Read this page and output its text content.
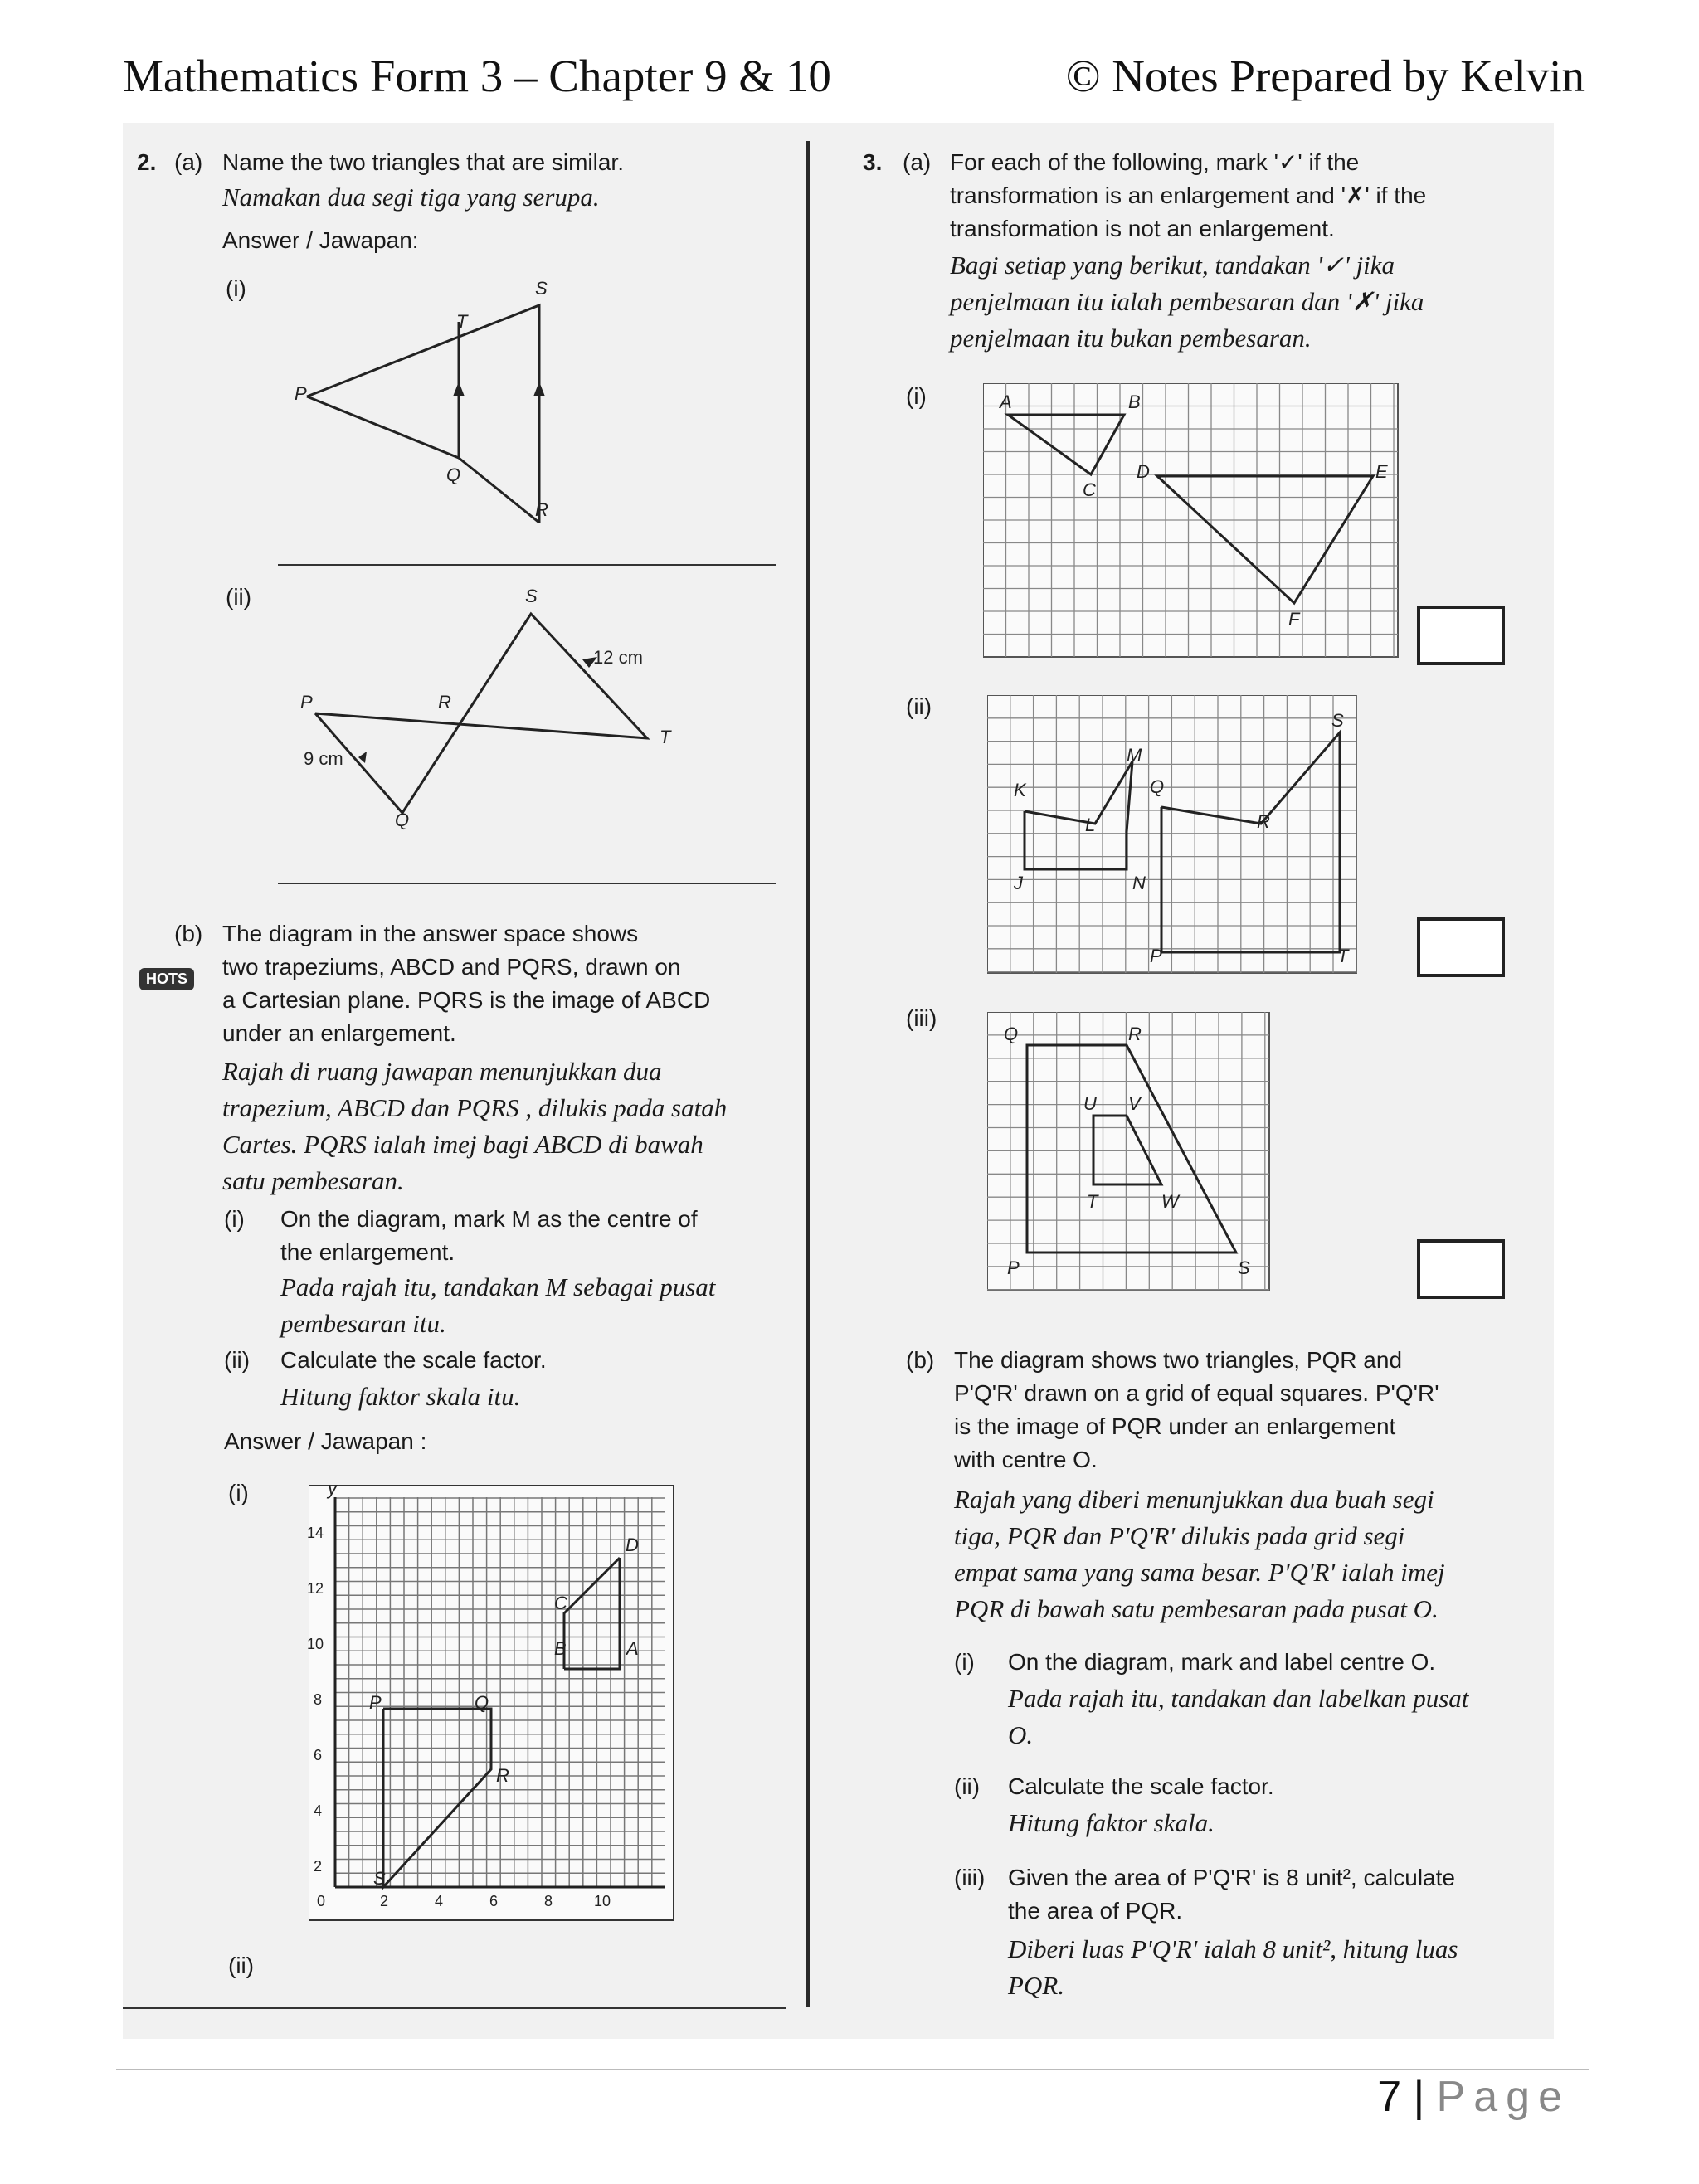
Mathematics Form 3 – Chapter 9 & 10	© Notes Prepared by Kelvin
2. (a) Name the two triangles that are similar.
Namakan dua segi tiga yang serupa.
Answer / Jawapan:
(i)	S
T
P
Q
R
(ii)	S
12 cm
P	R
T
9 cm
Q
(b)
HOTS
The diagram in the answer space shows
two trapeziums, ABCD and PQRS, drawn on
a Cartesian plane. PQRS is the image of ABCD
under an enlargement.
Rajah di ruang jawapan menunjukkan dua
trapezium, ABCD dan PQRS , dilukis pada satah
Cartes. PQRS ialah imej bagi ABCD di bawah
satu pembesaran.
(i) On the diagram, mark M as the centre of
the enlargement.
Pada rajah itu, tandakan M sebagai pusat
pembesaran itu.
(ii) Calculate the scale factor.
Hitung faktor skala itu.
Answer / Jawapan :
(i)	y
14
12
10
8
6
4
2
0	2	4	6	8	10
P	Q
R
S
C
D
B	A
(ii)
3. (a) For each of the following, mark '✓' if the
transformation is an enlargement and '✗' if the
transformation is not an enlargement.
Bagi setiap yang berikut, tandakan '✓' jika
penjelmaan itu ialah pembesaran dan '✗' jika
penjelmaan itu bukan pembesaran.
(i)	A	B
C
D	E
F
(ii)
K
L
M
J	N
Q
R
S
P	T
(iii)
Q	R
U V
T	W
P	S
(b) The diagram shows two triangles, PQR and
P'Q'R' drawn on a grid of equal squares. P'Q'R'
is the image of PQR under an enlargement
with centre O.
Rajah yang diberi menunjukkan dua buah segi
tiga, PQR dan P'Q'R' dilukis pada grid segi
empat sama yang sama besar. P'Q'R' ialah imej
PQR di bawah satu pembesaran pada pusat O.
(i) On the diagram, mark and label centre O.
Pada rajah itu, tandakan dan labelkan pusat
O.
(ii) Calculate the scale factor.
Hitung faktor skala.
(iii) Given the area of P'Q'R' is 8 unit², calculate
the area of PQR.
Diberi luas P'Q'R' ialah 8 unit², hitung luas
PQR.
7 | Page
